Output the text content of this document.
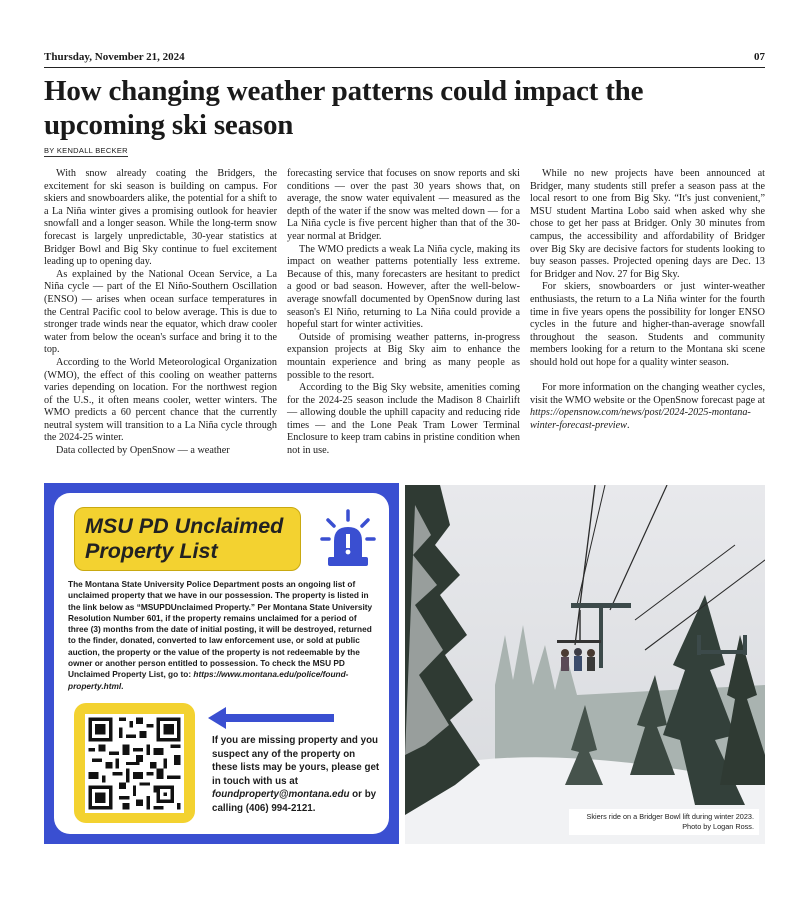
Thursday, November 21, 2024	07
How changing weather patterns could impact the upcoming ski season
BY KENDALL BECKER

With snow already coating the Bridgers, the excitement for ski season is building on campus. For skiers and snowboarders alike, the potential for a shift to a La Niña winter gives a promising outlook for heavier snowfall and a longer season. While the long-term snow forecast is largely unpredictable, 30-year statistics at Bridger Bowl and Big Sky continue to fuel excitement leading up to opening day.

As explained by the National Ocean Service, a La Niña cycle — part of the El Niño-Southern Oscillation (ENSO) — arises when ocean surface temperatures in the Central Pacific cool to below average. This is due to stronger trade winds near the equator, which draw cooler water from below the ocean's surface and bring it to the top.

According to the World Meteorological Organization (WMO), the effect of this cooling on weather patterns varies depending on location. For the northwest region of the U.S., it often means cooler, wetter winters. The WMO predicts a 60 percent chance that the currently neutral system will transition to a La Niña cycle through the 2024-25 winter.

Data collected by OpenSnow — a weather

forecasting service that focuses on snow reports and ski conditions — over the past 30 years shows that, on average, the snow water equivalent — measured as the depth of the water if the snow was melted down — for a La Niña cycle is five percent higher than that of the 30-year normal at Bridger.

The WMO predicts a weak La Niña cycle, making its impact on weather patterns potentially less extreme. Because of this, many forecasters are hesitant to predict a good or bad season. However, after the well-below-average snowfall documented by OpenSnow during last season's El Niño, returning to La Niña could provide a hopeful start for winter activities.

Outside of promising weather patterns, in-progress expansion projects at Big Sky aim to enhance the mountain experience and bring as many people as possible to the resort.

According to the Big Sky website, amenities coming for the 2024-25 season include the Madison 8 Chairlift — allowing double the uphill capacity and reducing ride times — and the Lone Peak Tram Lower Terminal Enclosure to keep tram cabins in pristine condition when not in use.

While no new projects have been announced at Bridger, many students still prefer a season pass at the local resort to one from Big Sky. “It's just convenient,” MSU student Martina Lobo said when asked why she chose to get her pass at Bridger. Only 30 minutes from campus, the accessibility and affordability of Bridger over Big Sky are decisive factors for students looking to buy season passes. Projected opening days are Dec. 13 for Bridger and Nov. 27 for Big Sky.

For skiers, snowboarders or just winter-weather enthusiasts, the return to a La Niña winter for the fourth time in five years opens the possibility for longer ENSO cycles in the future and higher-than-average snowfall throughout the season. Students and community members looking for a return to the Montana ski scene should hold out hope for a quality winter season.

For more information on the changing weather cycles, visit the WMO website or the OpenSnow forecast page at https://opensnow.com/news/post/2024-2025-montana-winter-forecast-preview.

MSU PD Unclaimed Property List
The Montana State University Police Department posts an ongoing list of unclaimed property that we have in our possession. The property is listed in the link below as “MSUPDUnclaimed Property.” Per Montana State University Resolution Number 601, if the property remains unclaimed for a period of three (3) months from the date of initial posting, it will be destroyed, returned to the finder, donated, converted to law enforcement use, or sold at public auction, the property or the value of the property is not redeemable by the owner or another person entitled to possession. To check the MSU PD Unclaimed Property List, go to: https://www.montana.edu/police/found-property.html.
If you are missing property and you suspect any of the property on these lists may be yours, please get in touch with us at foundproperty@montana.edu or by calling (406) 994-2121.
Skiers ride on a Bridger Bowl lift during winter 2023.
Photo by Logan Ross.
